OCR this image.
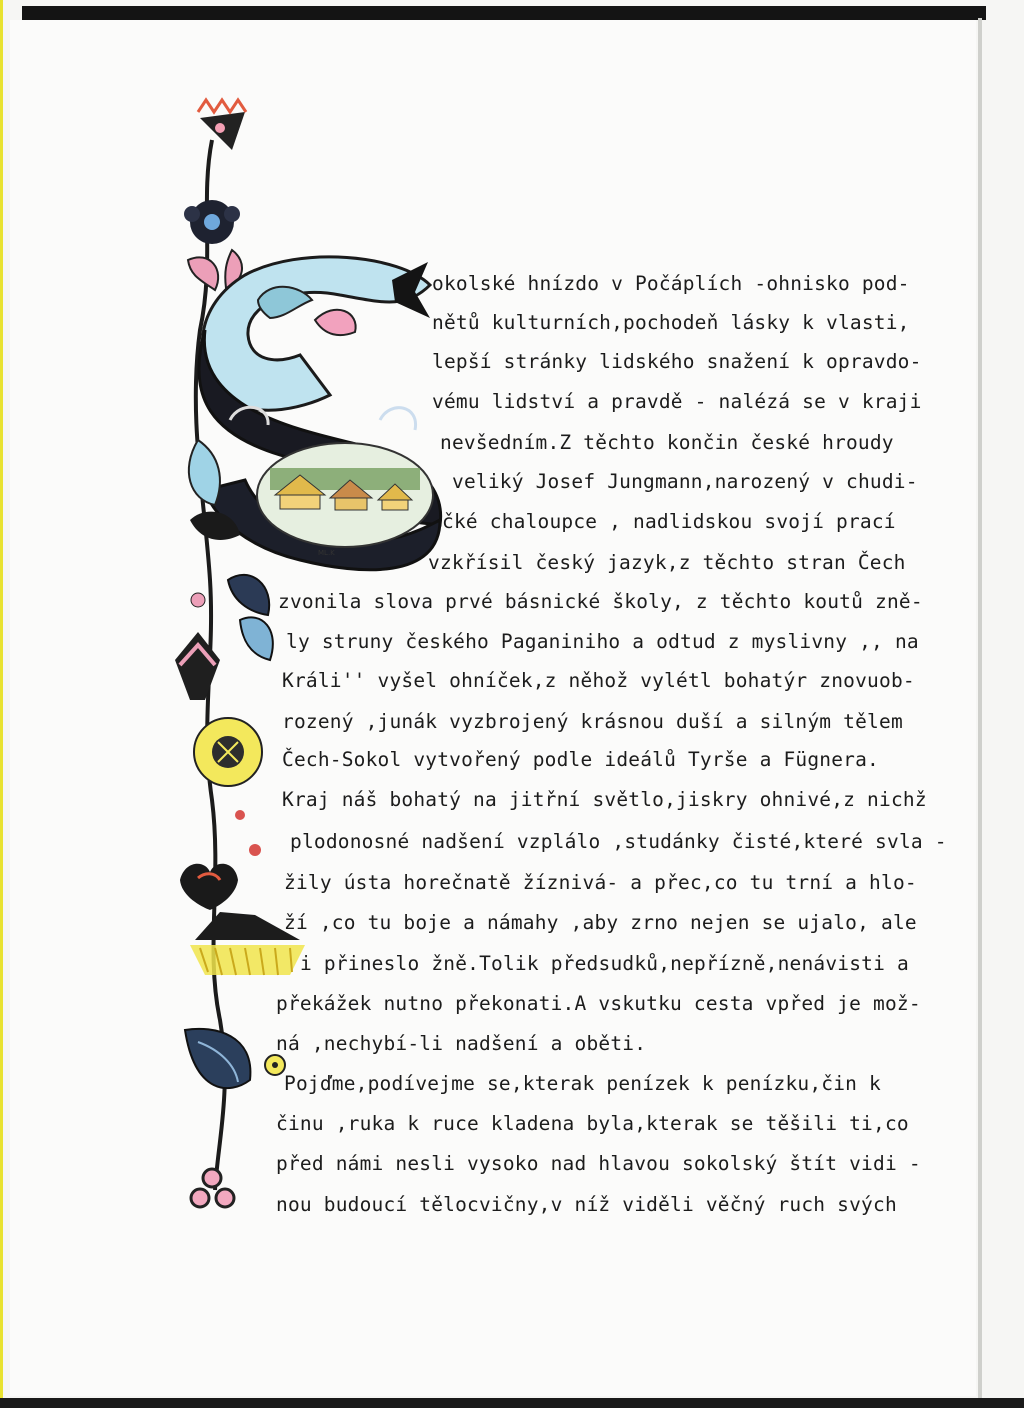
ML.K
okolské hnízdo v Počáplích -ohnisko pod-
nětů kulturních,pochodeň lásky k vlasti,
lepší stránky lidského snažení k opravdo-
vému lidství a pravdě - nalézá se v kraji
nevšedním.Z těchto končin české hroudy
veliký Josef Jungmann,narozený v chudi-
čké chaloupce , nadlidskou svojí prací
vzkřísil český jazyk,z těchto stran Čech
zvonila slova prvé básnické školy, z těchto koutů zně-
ly struny českého Paganiniho a odtud z myslivny ,, na
Králi'' vyšel ohníček,z něhož vylétl bohatýr znovuob-
rozený ,junák vyzbrojený krásnou duší a silným tělem
Čech-Sokol vytvořený podle ideálů Tyrše a Fügnera.
Kraj náš bohatý na jitřní světlo,jiskry ohnivé,z nichž
plodonosné nadšení vzplálo ,studánky čisté,které svla -
žily ústa horečnatě žíznivá- a přec,co tu trní a hlo-
ží ,co tu boje a námahy ,aby zrno nejen se ujalo, ale
i přineslo žně.Tolik předsudků,nepřízně,nenávisti a
překážek nutno překonati.A vskutku cesta vpřed je mož-
ná ,nechybí-li nadšení a oběti.
Pojďme,podívejme se,kterak penízek k penízku,čin k
činu ,ruka k ruce kladena byla,kterak se těšili ti,co
před námi nesli vysoko nad hlavou sokolský štít vidi -
nou budoucí tělocvičny,v níž viděli věčný ruch svých
